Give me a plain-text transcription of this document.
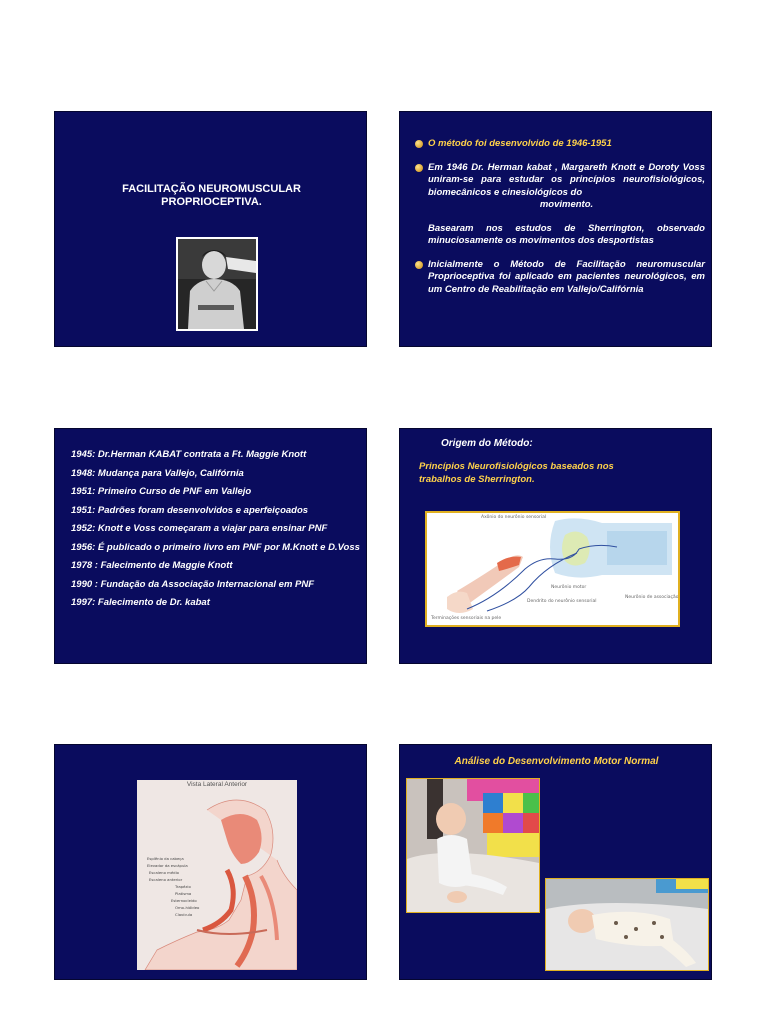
FACILITAÇÃO NEUROMUSCULAR
PROPRIOCEPTIVA.
O método foi desenvolvido de 1946-1951
Em 1946 Dr. Herman kabat , Margareth Knott e Doroty Voss uniram-se para estudar os princípios neurofisiológicos, biomecânicos e cinesiológicos do
movimento.
Basearam nos estudos de Sherrington, observado minuciosamente os movimentos dos desportistas
Inicialmente o Método de Facilitação neuromuscular Proprioceptiva foi aplicado em pacientes neurológicos, em um Centro de Reabilitação em Vallejo/Califórnia
1945: Dr.Herman KABAT contrata a Ft. Maggie Knott
1948: Mudança para Vallejo, Califórnia
1951: Primeiro Curso de PNF em Vallejo
1951: Padrões foram desenvolvidos e aperfeiçoados
1952: Knott e Voss começaram a viajar para ensinar PNF
1956: É publicado o primeiro livro em PNF por M.Knott e D.Voss
1978 : Falecimento de Maggie Knott
1990 : Fundação da Associação Internacional em PNF
1997: Falecimento de Dr. kabat
Origem do Método:
Princípios Neurofisiológicos baseados nos trabalhos de Sherrington.
Axônio do neurônio sensorial
Neurônio motor
Dendrito do neurônio sensorial
Neurônio de associação
Terminações sensoriais na pele
Vista Lateral Anterior
Esplênio da cabeça
Elevador da escápula
Escaleno médio
Escaleno anterior
Trapézio
Platisma
Esternocleido
Omo-hióideo
Clavícula
Análise do Desenvolvimento Motor Normal
